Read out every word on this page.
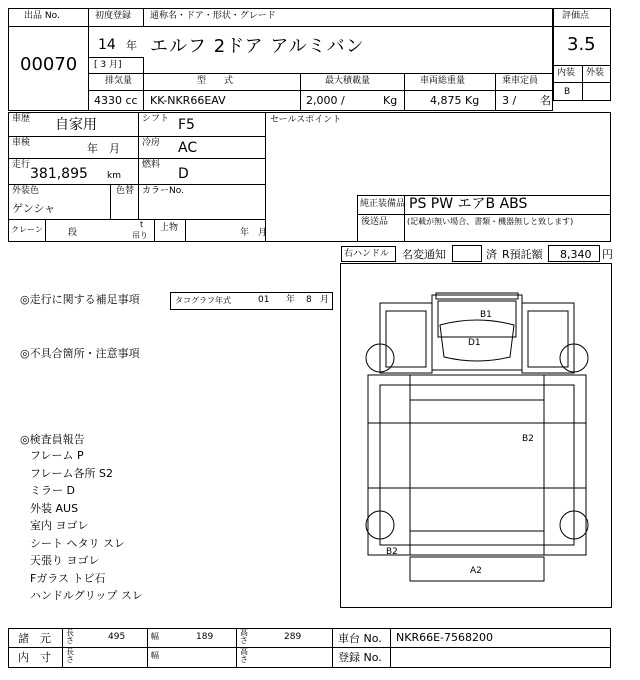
出品 No.
00070
初度登録 通称名・ドア・形状・グレード
14 年
[ 3 月]
エルフ 2ドア アルミバン
排気量	型　　式	最大積載量	車両総重量	乗車定員
4330 cc KK-NKR66EAV	2,000 /	Kg	4,875 Kg 3 / 名
評価点
3.5
内装 外装
B
車歴 自家用	シフト F5
車検	年　月 冷房 AC
走行
381,895 km
燃料
D
外装色
ゲンシャ
色替 カラーNo.
クレーン	段
t
吊り
上物	年　月
セールスポイント
純正装備品 PS PW エアB ABS
後送品 (記載が無い場合、書類・機器無しと致します)
右ハンドル 名変通知	済 R預託額 8,340 円
◎走行に関する補足事項	タコグラフ年式	01 年 8 月
◎不具合箇所・注意事項
◎検査員報告
フレーム P
フレーム各所 S2
ミラー D
外装 AUS
室内 ヨゴレ
シート ヘタリ スレ
天張り ヨゴレ
Fガラス トビ石
ハンドルグリップ スレ
B1
D1
B2
B2
A2
諸　元 長さ	495	幅	189	高さ	289	車台 No. NKR66E-7568200
内　寸 長さ	幅	高さ	登録 No.
